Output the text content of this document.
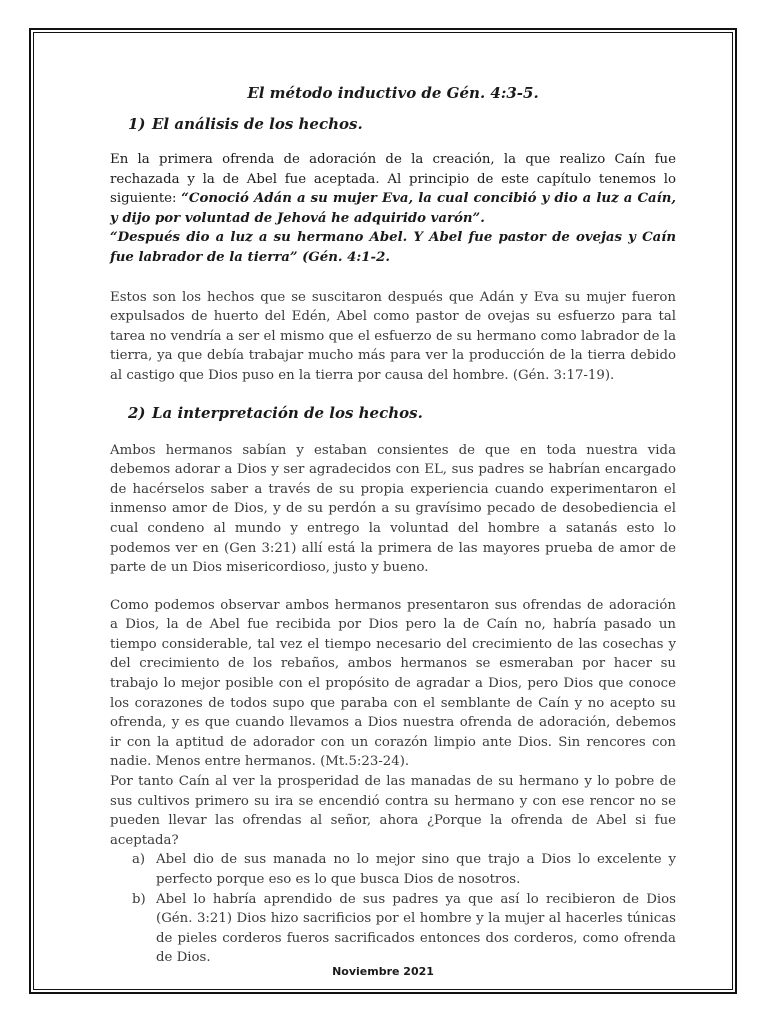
El método inductivo de Gén. 4:3-5.
1) El análisis de los hechos.

En la primera ofrenda de adoración de la creación, la que realizo Caín fue rechazada y la de Abel fue aceptada. Al principio de este capítulo tenemos lo siguiente: “Conoció Adán a su mujer Eva, la cual concibió y dio a luz a Caín, y dijo por voluntad de Jehová he adquirido varón”.

“Después dio a luz a su hermano Abel. Y Abel fue pastor de ovejas y Caín fue labrador de la tierra” (Gén. 4:1-2.

Estos son los hechos que se suscitaron después que Adán y Eva su mujer fueron expulsados de huerto del Edén, Abel como pastor de ovejas su esfuerzo para tal tarea no vendría a ser el mismo que el esfuerzo de su hermano como labrador de la tierra, ya que debía trabajar mucho más para ver la producción de la tierra debido al castigo que Dios puso en la tierra por causa del hombre. (Gén. 3:17-19).

2) La interpretación de los hechos.

Ambos hermanos sabían y estaban consientes de que en toda nuestra vida debemos adorar a Dios y ser agradecidos con EL, sus padres se habrían encargado de hacérselos saber a través de su propia experiencia cuando experimentaron el inmenso amor de Dios, y de su perdón a su gravísimo pecado de desobediencia el cual condeno al mundo y entrego la voluntad del hombre a satanás esto lo podemos ver en (Gen 3:21) allí está la primera de las mayores prueba de amor de parte de un Dios misericordioso, justo y bueno.

Como podemos observar ambos hermanos presentaron sus ofrendas de adoración a Dios, la de Abel fue recibida por Dios pero la de Caín no, habría pasado un tiempo considerable, tal vez el tiempo necesario del crecimiento de las cosechas y del crecimiento de los rebaños, ambos hermanos se esmeraban por hacer su trabajo lo mejor posible con el propósito de agradar a Dios, pero Dios que conoce los corazones de todos supo que paraba con el semblante de Caín y no acepto su ofrenda, y es que cuando llevamos a Dios nuestra ofrenda de adoración, debemos ir con la aptitud de adorador con un corazón limpio ante Dios. Sin rencores con nadie. Menos entre hermanos. (Mt.5:23-24).

Por tanto Caín al ver la prosperidad de las manadas de su hermano y lo pobre de sus cultivos primero su ira se encendió contra su hermano y con ese rencor no se pueden llevar las ofrendas al señor, ahora ¿Porque la ofrenda de Abel si fue aceptada?

a) Abel dio de sus manada no lo mejor sino que trajo a Dios lo excelente y perfecto porque eso es lo que busca Dios de nosotros.
b) Abel lo habría aprendido de sus padres ya que así lo recibieron de Dios (Gén. 3:21) Dios hizo sacrificios por el hombre y la mujer al hacerles túnicas de pieles corderos fueros sacrificados entonces dos corderos, como ofrenda de Dios.
Noviembre 2021
